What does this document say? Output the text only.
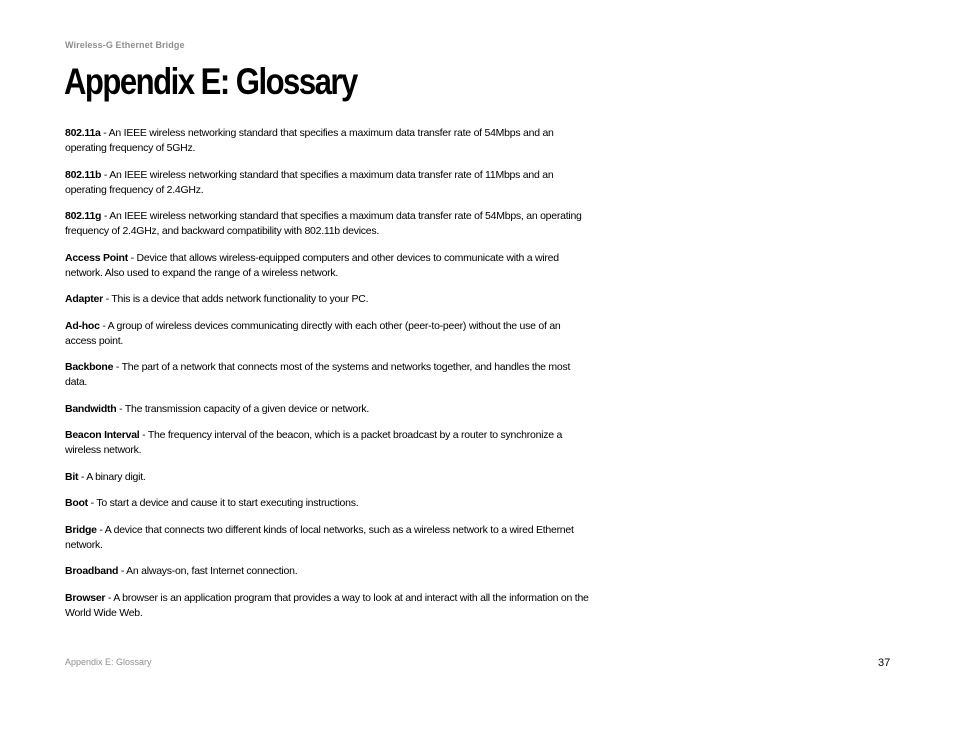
Wireless-G Ethernet Bridge
Appendix E: Glossary

802.11a - An IEEE wireless networking standard that specifies a maximum data transfer rate of 54Mbps and an operating frequency of 5GHz.

802.11b - An IEEE wireless networking standard that specifies a maximum data transfer rate of 11Mbps and an operating frequency of 2.4GHz.

802.11g - An IEEE wireless networking standard that specifies a maximum data transfer rate of 54Mbps, an operating frequency of 2.4GHz, and backward compatibility with 802.11b devices.

Access Point - Device that allows wireless-equipped computers and other devices to communicate with a wired network. Also used to expand the range of a wireless network.

Adapter - This is a device that adds network functionality to your PC.

Ad-hoc - A group of wireless devices communicating directly with each other (peer-to-peer) without the use of an access point.

Backbone - The part of a network that connects most of the systems and networks together, and handles the most data.

Bandwidth - The transmission capacity of a given device or network.

Beacon Interval - The frequency interval of the beacon, which is a packet broadcast by a router to synchronize a wireless network.

Bit - A binary digit.

Boot - To start a device and cause it to start executing instructions.

Bridge - A device that connects two different kinds of local networks, such as a wireless network to a wired Ethernet network.

Broadband - An always-on, fast Internet connection.

Browser - A browser is an application program that provides a way to look at and interact with all the information on the World Wide Web.

Appendix E: Glossary	37
